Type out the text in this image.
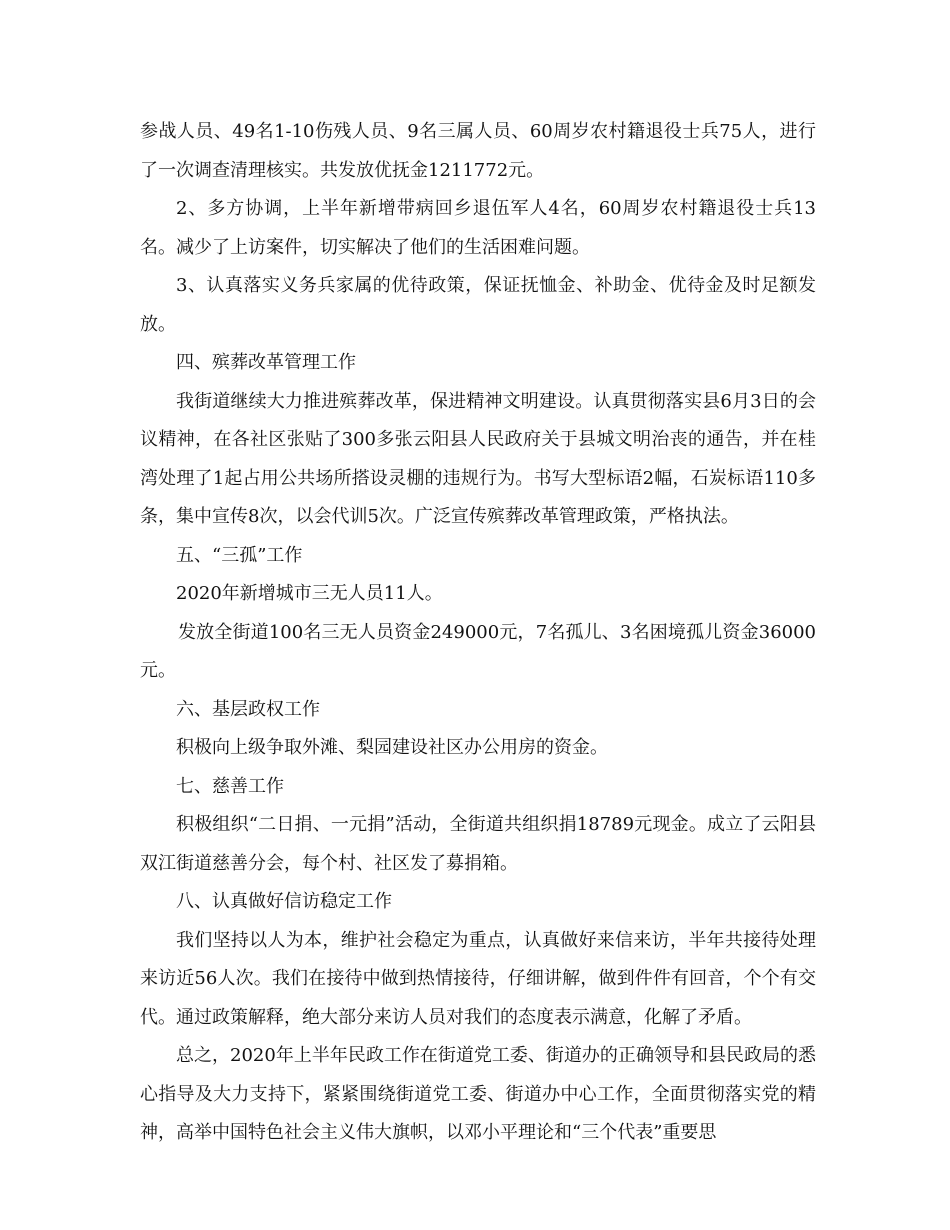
参战人员、49名1-10伤残人员、9名三属人员、60周岁农村籍退役士兵75人，进行了一次调查清理核实。共发放优抚金1211772元。

2、多方协调，上半年新增带病回乡退伍军人4名，60周岁农村籍退役士兵13名。减少了上访案件，切实解决了他们的生活困难问题。

3、认真落实义务兵家属的优待政策，保证抚恤金、补助金、优待金及时足额发放。

四、殡葬改革管理工作

我街道继续大力推进殡葬改革，保进精神文明建设。认真贯彻落实县6月3日的会议精神，在各社区张贴了300多张云阳县人民政府关于县城文明治丧的通告，并在桂湾处理了1起占用公共场所搭设灵棚的违规行为。书写大型标语2幅，石炭标语110多条，集中宣传8次，以会代训5次。广泛宣传殡葬改革管理政策，严格执法。

五、“三孤”工作

2020年新增城市三无人员11人。

发放全街道100名三无人员资金249000元，7名孤儿、3名困境孤儿资金36000元。

六、基层政权工作

积极向上级争取外滩、梨园建设社区办公用房的资金。

七、慈善工作

积极组织“二日捐、一元捐”活动，全街道共组织捐18789元现金。成立了云阳县双江街道慈善分会，每个村、社区发了募捐箱。

八、认真做好信访稳定工作

我们坚持以人为本，维护社会稳定为重点，认真做好来信来访，半年共接待处理来访近56人次。我们在接待中做到热情接待，仔细讲解，做到件件有回音，个个有交代。通过政策解释，绝大部分来访人员对我们的态度表示满意，化解了矛盾。

总之，2020年上半年民政工作在街道党工委、街道办的正确领导和县民政局的悉心指导及大力支持下，紧紧围绕街道党工委、街道办中心工作，全面贯彻落实党的精神，高举中国特色社会主义伟大旗帜，以邓小平理论和“三个代表”重要思
